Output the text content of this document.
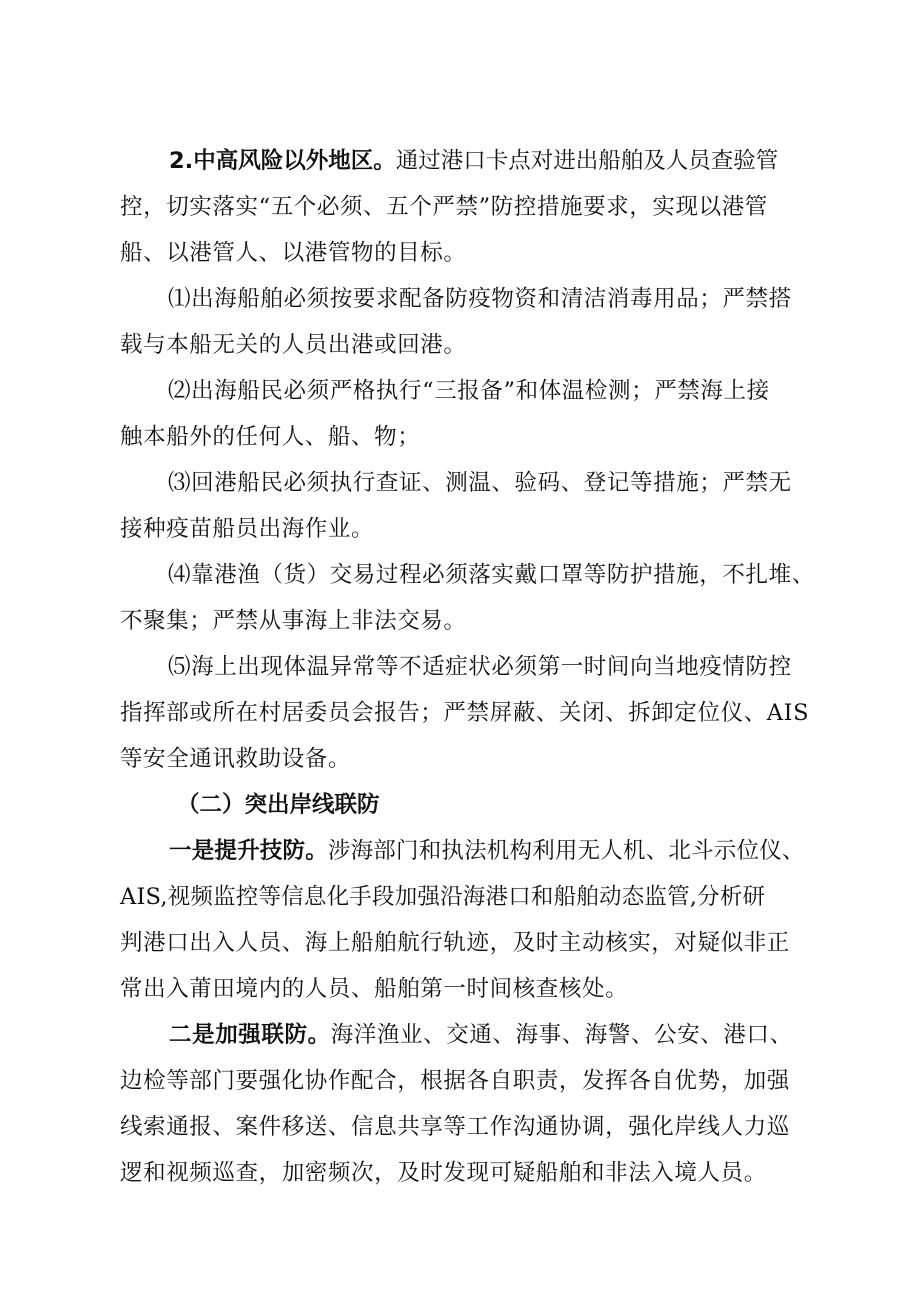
2.中高风险以外地区。通过港口卡点对进出船舶及人员查验管

控，切实落实“五个必须、五个严禁”防控措施要求，实现以港管

船、以港管人、以港管物的目标。

⑴出海船舶必须按要求配备防疫物资和清洁消毒用品；严禁搭

载与本船无关的人员出港或回港。

⑵出海船民必须严格执行“三报备”和体温检测；严禁海上接

触本船外的任何人、船、物；

⑶回港船民必须执行查证、测温、验码、登记等措施；严禁无

接种疫苗船员出海作业。

⑷靠港渔（货）交易过程必须落实戴口罩等防护措施，不扎堆、

不聚集；严禁从事海上非法交易。

⑸海上出现体温异常等不适症状必须第一时间向当地疫情防控

指挥部或所在村居委员会报告；严禁屏蔽、关闭、拆卸定位仪、AIS

等安全通讯救助设备。

（二）突出岸线联防

一是提升技防。涉海部门和执法机构利用无人机、北斗示位仪、

AIS,视频监控等信息化手段加强沿海港口和船舶动态监管,分析研

判港口出入人员、海上船舶航行轨迹，及时主动核实，对疑似非正

常出入莆田境内的人员、船舶第一时间核查核处。

二是加强联防。海洋渔业、交通、海事、海警、公安、港口、

边检等部门要强化协作配合，根据各自职责，发挥各自优势，加强

线索通报、案件移送、信息共享等工作沟通协调，强化岸线人力巡

逻和视频巡查，加密频次，及时发现可疑船舶和非法入境人员。
